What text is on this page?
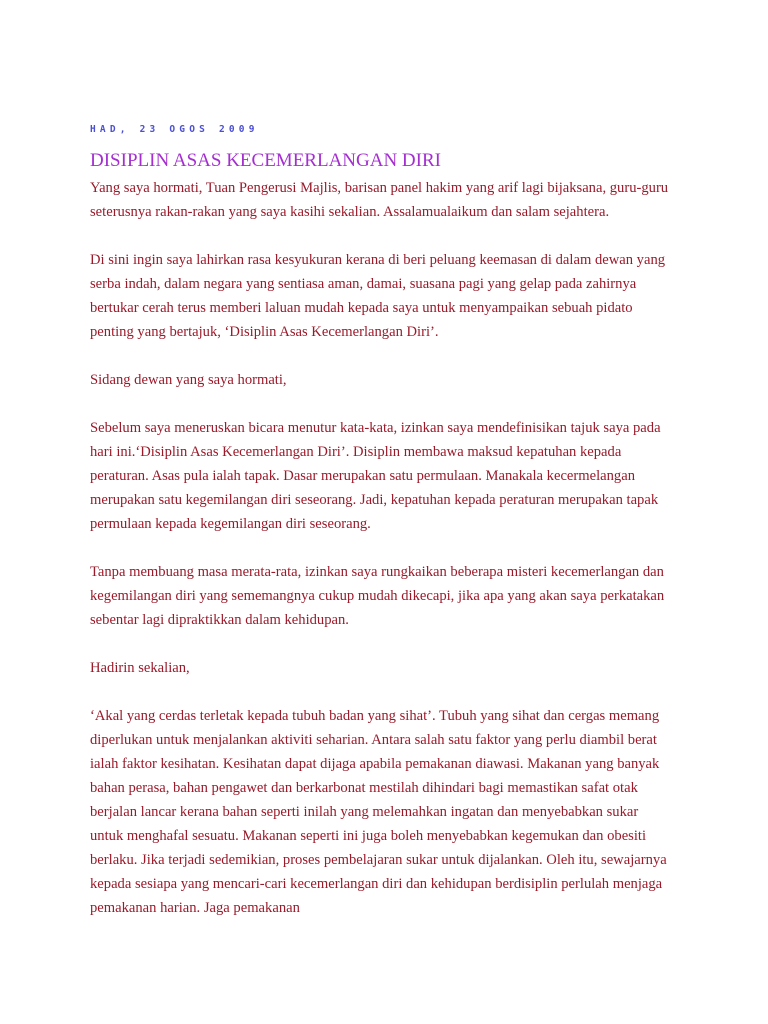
HAD, 23 OGOS 2009
DISIPLIN ASAS KECEMERLANGAN DIRI

Yang saya hormati, Tuan Pengerusi Majlis, barisan panel hakim yang arif lagi bijaksana, guru-guru seterusnya rakan-rakan yang saya kasihi sekalian. Assalamualaikum dan salam sejahtera.

Di sini ingin saya lahirkan rasa kesyukuran kerana di beri peluang keemasan di dalam dewan yang serba indah, dalam negara yang sentiasa aman, damai, suasana pagi yang gelap pada zahirnya bertukar cerah terus memberi laluan mudah kepada saya untuk menyampaikan sebuah pidato penting yang bertajuk, ‘Disiplin Asas Kecemerlangan Diri’.

Sidang dewan yang saya hormati,

Sebelum saya meneruskan bicara menutur kata-kata, izinkan saya mendefinisikan tajuk saya pada hari ini.‘Disiplin Asas Kecemerlangan Diri’. Disiplin membawa maksud kepatuhan kepada peraturan. Asas pula ialah tapak. Dasar merupakan satu permulaan. Manakala kecermelangan merupakan satu kegemilangan diri seseorang. Jadi, kepatuhan kepada peraturan merupakan tapak permulaan kepada kegemilangan diri seseorang.

Tanpa membuang masa merata-rata, izinkan saya rungkaikan beberapa misteri kecemerlangan dan kegemilangan diri yang sememangnya cukup mudah dikecapi, jika apa yang akan saya perkatakan sebentar lagi dipraktikkan dalam kehidupan.

Hadirin sekalian,

‘Akal yang cerdas terletak kepada tubuh badan yang sihat’. Tubuh yang sihat dan cergas memang diperlukan untuk menjalankan aktiviti seharian. Antara salah satu faktor yang perlu diambil berat ialah faktor kesihatan. Kesihatan dapat dijaga apabila pemakanan diawasi. Makanan yang banyak bahan perasa, bahan pengawet dan berkarbonat mestilah dihindari bagi memastikan safat otak berjalan lancar kerana bahan seperti inilah yang melemahkan ingatan dan menyebabkan sukar untuk menghafal sesuatu. Makanan seperti ini juga boleh menyebabkan kegemukan dan obesiti berlaku. Jika terjadi sedemikian, proses pembelajaran sukar untuk dijalankan. Oleh itu, sewajarnya kepada sesiapa yang mencari-cari kecemerlangan diri dan kehidupan berdisiplin perlulah menjaga pemakanan harian. Jaga pemakanan
